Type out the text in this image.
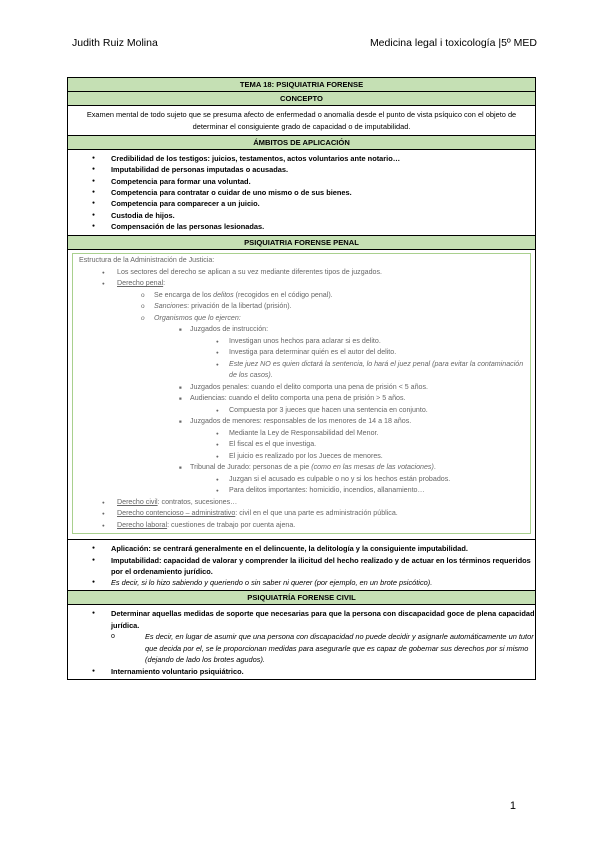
Judith Ruiz Molina	Medicina legal i toxicología |5º MED
TEMA 18: PSIQUIATRIA FORENSE
CONCEPTO
Examen mental de todo sujeto que se presuma afecto de enfermedad o anomalía desde el punto de vista psíquico con el objeto de determinar el consiguiente grado de capacidad o de imputabilidad.
ÁMBITOS DE APLICACIÓN
● Credibilidad de los testigos: juicios, testamentos, actos voluntarios ante notario…
● Imputabilidad de personas imputadas o acusadas.
● Competencia para formar una voluntad.
● Competencia para contratar o cuidar de uno mismo o de sus bienes.
● Competencia para comparecer a un juicio.
● Custodia de hijos.
● Compensación de las personas lesionadas.
PSIQUIATRIA FORENSE PENAL
Estructura de la Administración de Justicia:
● Los sectores del derecho se aplican a su vez mediante diferentes tipos de juzgados.
● Derecho penal:
o Se encarga de los delitos (recogidos en el código penal).
o Sanciones: privación de la libertad (prisión).
o Organismos que lo ejercen:
■ Juzgados de instrucción:
● Investigan unos hechos para aclarar si es delito.
● Investiga para determinar quién es el autor del delito.
● Este juez NO es quien dictará la sentencia, lo hará el juez penal (para evitar la contaminación de los casos).
■ Juzgados penales: cuando el delito comporta una pena de prisión < 5 años.
■ Audiencias: cuando el delito comporta una pena de prisión > 5 años.
● Compuesta por 3 jueces que hacen una sentencia en conjunto.
■ Juzgados de menores: responsables de los menores de 14 a 18 años.
● Mediante la Ley de Responsabilidad del Menor.
● El fiscal es el que investiga.
● El juicio es realizado por los Jueces de menores.
■ Tribunal de Jurado: personas de a pie (como en las mesas de las votaciones).
● Juzgan si el acusado es culpable o no y si los hechos están probados.
● Para delitos importantes: homicidio, incendios, allanamiento…
● Derecho civil: contratos, sucesiones…
● Derecho contencioso – administrativo: civil en el que una parte es administración pública.
● Derecho laboral: cuestiones de trabajo por cuenta ajena.
● Aplicación: se centrará generalmente en el delincuente, la delitología y la consiguiente imputabilidad.
● Imputabilidad: capacidad de valorar y comprender la ilicitud del hecho realizado y de actuar en los términos requeridos por el ordenamiento jurídico.
● Es decir, si lo hizo sabiendo y queriendo o sin saber ni querer (por ejemplo, en un brote psicótico).
PSIQUIATRÍA FORENSE CIVIL
● Determinar aquellas medidas de soporte que necesarias para que la persona con discapacidad goce de plena capacidad jurídica.
o Es decir, en lugar de asumir que una persona con discapacidad no puede decidir y asignarle automáticamente un tutor que decida por el, se le proporcionan medidas para asegurarle que es capaz de gobernar sus derechos por si mismo (dejando de lado los brotes agudos).
● Internamiento voluntario psiquiátrico.
1
